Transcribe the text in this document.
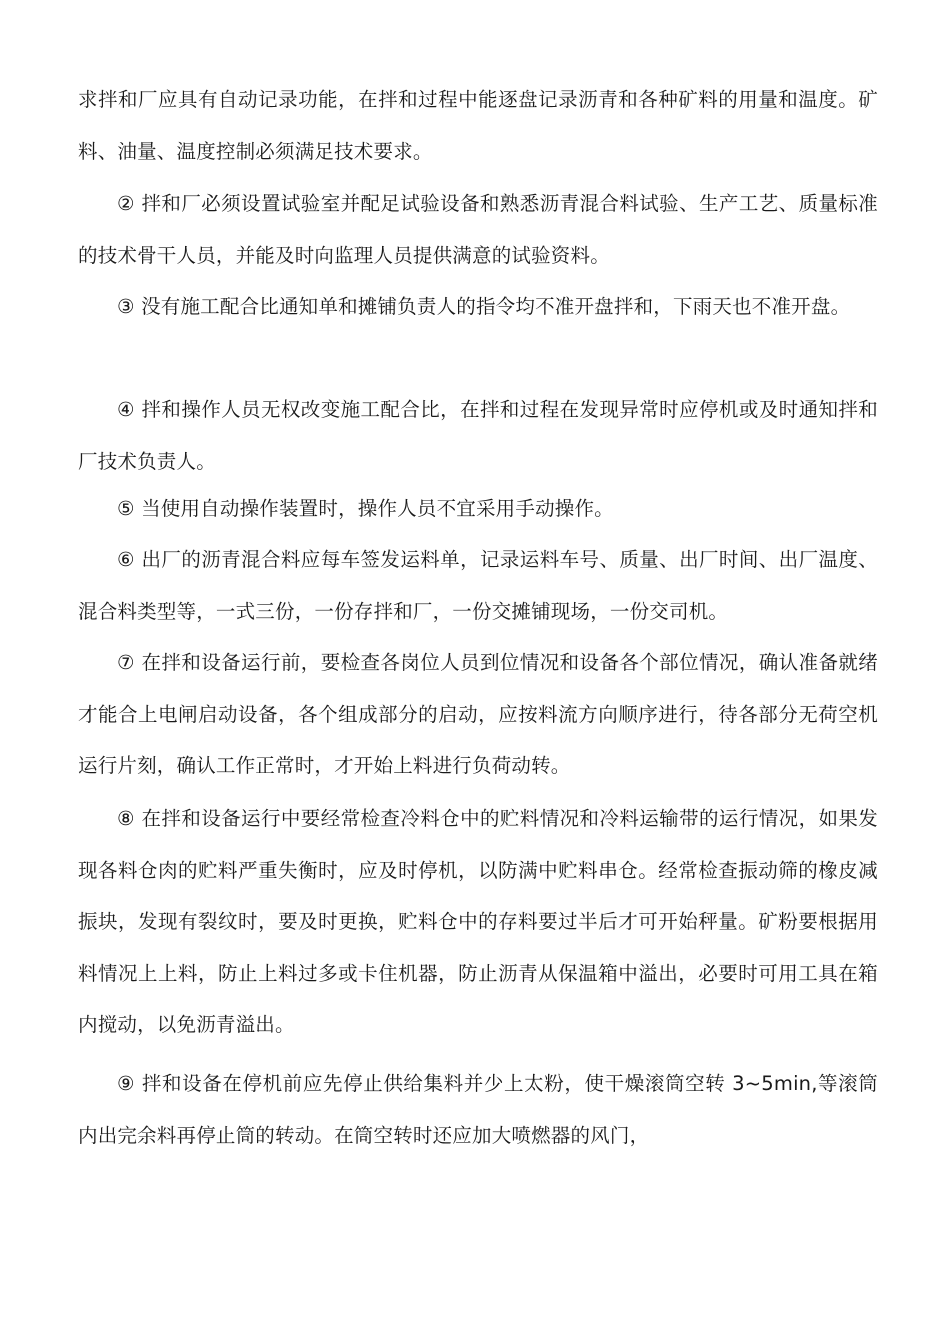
求拌和厂应具有自动记录功能，在拌和过程中能逐盘记录沥青和各种矿料的用量和温度。矿料、油量、温度控制必须满足技术要求。

② 拌和厂必须设置试验室并配足试验设备和熟悉沥青混合料试验、生产工艺、质量标准的技术骨干人员，并能及时向监理人员提供满意的试验资料。

③ 没有施工配合比通知单和摊铺负责人的指令均不准开盘拌和，下雨天也不准开盘。

④ 拌和操作人员无权改变施工配合比，在拌和过程在发现异常时应停机或及时通知拌和厂技术负责人。

⑤ 当使用自动操作装置时，操作人员不宜采用手动操作。

⑥ 出厂的沥青混合料应每车签发运料单，记录运料车号、质量、出厂时间、出厂温度、混合料类型等，一式三份，一份存拌和厂，一份交摊铺现场，一份交司机。

⑦ 在拌和设备运行前，要检查各岗位人员到位情况和设备各个部位情况，确认准备就绪才能合上电闸启动设备，各个组成部分的启动，应按料流方向顺序进行，待各部分无荷空机运行片刻，确认工作正常时，才开始上料进行负荷动转。

⑧ 在拌和设备运行中要经常检查冷料仓中的贮料情况和冷料运输带的运行情况，如果发现各料仓肉的贮料严重失衡时，应及时停机，以防满中贮料串仓。经常检查振动筛的橡皮减振块，发现有裂纹时，要及时更换，贮料仓中的存料要过半后才可开始秤量。矿粉要根据用料情况上上料，防止上料过多或卡住机器，防止沥青从保温箱中溢出，必要时可用工具在箱内搅动，以免沥青溢出。

⑨ 拌和设备在停机前应先停止供给集料并少上太粉，使干燥滚筒空转 3~5min,等滚筒内出完余料再停止筒的转动。在筒空转时还应加大喷燃器的风门，
